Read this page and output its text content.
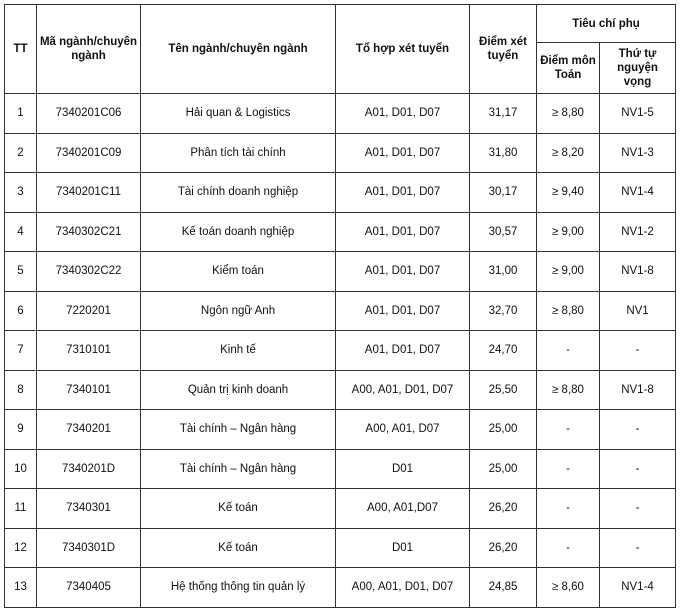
TT	Mã ngành/chuyên ngành	Tên ngành/chuyên ngành	Tổ hợp xét tuyển	Điểm xét tuyển	Tiêu chí phụ	
					Điểm môn Toán	Thứ tự nguyện vọng
1	7340201C06	Hải quan & Logistics	A01, D01, D07	31,17	≥ 8,80	NV1-5
2	7340201C09	Phân tích tài chính	A01, D01, D07	31,80	≥ 8,20	NV1-3
3	7340201C11	Tài chính doanh nghiệp	A01, D01, D07	30,17	≥ 9,40	NV1-4
4	7340302C21	Kế toán doanh nghiệp	A01, D01, D07	30,57	≥ 9,00	NV1-2
5	7340302C22	Kiểm toán	A01, D01, D07	31,00	≥ 9,00	NV1-8
6	7220201	Ngôn ngữ Anh	A01, D01, D07	32,70	≥ 8,80	NV1
7	7310101	Kinh tế	A01, D01, D07	24,70	-	-
8	7340101	Quản trị kinh doanh	A00, A01, D01, D07	25,50	≥ 8,80	NV1-8
9	7340201	Tài chính – Ngân hàng	A00, A01, D07	25,00	-	-
10	7340201D	Tài chính – Ngân hàng	D01	25,00	-	-
11	7340301	Kế toán	A00, A01,D07	26,20	-	-
12	7340301D	Kế toán	D01	26,20	-	-
13	7340405	Hệ thống thông tin quản lý	A00, A01, D01, D07	24,85	≥ 8,60	NV1-4
